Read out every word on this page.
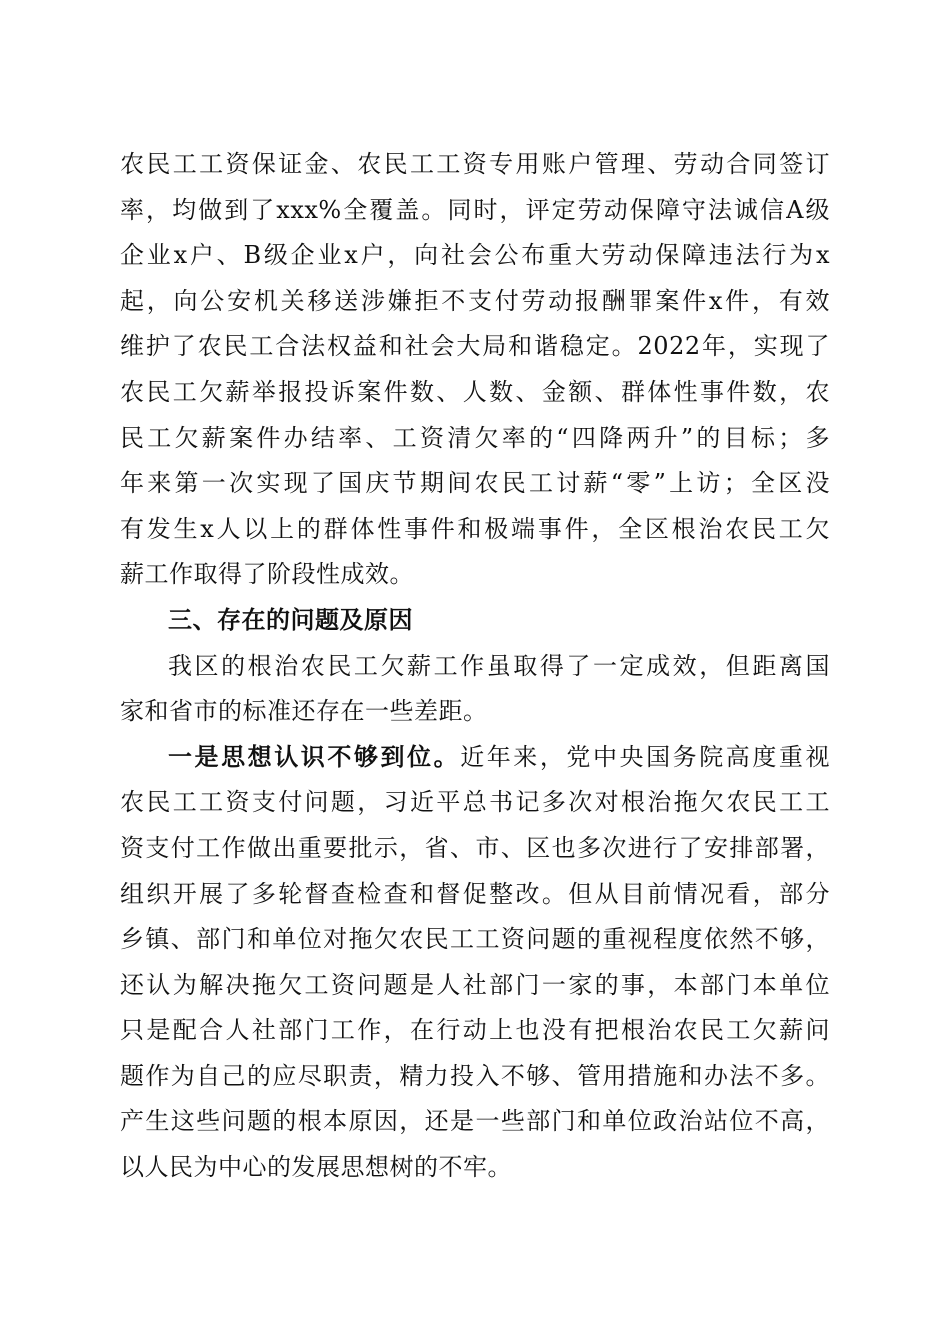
农民工工资保证金、农民工工资专用账户管理、劳动合同签订
率，均做到了xxx%全覆盖。同时，评定劳动保障守法诚信A级
企业x户、B级企业x户，向社会公布重大劳动保障违法行为x
起，向公安机关移送涉嫌拒不支付劳动报酬罪案件x件，有效
维护了农民工合法权益和社会大局和谐稳定。2022年，实现了
农民工欠薪举报投诉案件数、人数、金额、群体性事件数，农
民工欠薪案件办结率、工资清欠率的“四降两升”的目标；多
年来第一次实现了国庆节期间农民工讨薪“零”上访；全区没
有发生x人以上的群体性事件和极端事件，全区根治农民工欠
薪工作取得了阶段性成效。
三、存在的问题及原因
我区的根治农民工欠薪工作虽取得了一定成效，但距离国
家和省市的标准还存在一些差距。
一是思想认识不够到位。近年来，党中央国务院高度重视
农民工工资支付问题，习近平总书记多次对根治拖欠农民工工
资支付工作做出重要批示，省、市、区也多次进行了安排部署，
组织开展了多轮督查检查和督促整改。但从目前情况看，部分
乡镇、部门和单位对拖欠农民工工资问题的重视程度依然不够，
还认为解决拖欠工资问题是人社部门一家的事，本部门本单位
只是配合人社部门工作，在行动上也没有把根治农民工欠薪问
题作为自己的应尽职责，精力投入不够、管用措施和办法不多。
产生这些问题的根本原因，还是一些部门和单位政治站位不高，
以人民为中心的发展思想树的不牢。
